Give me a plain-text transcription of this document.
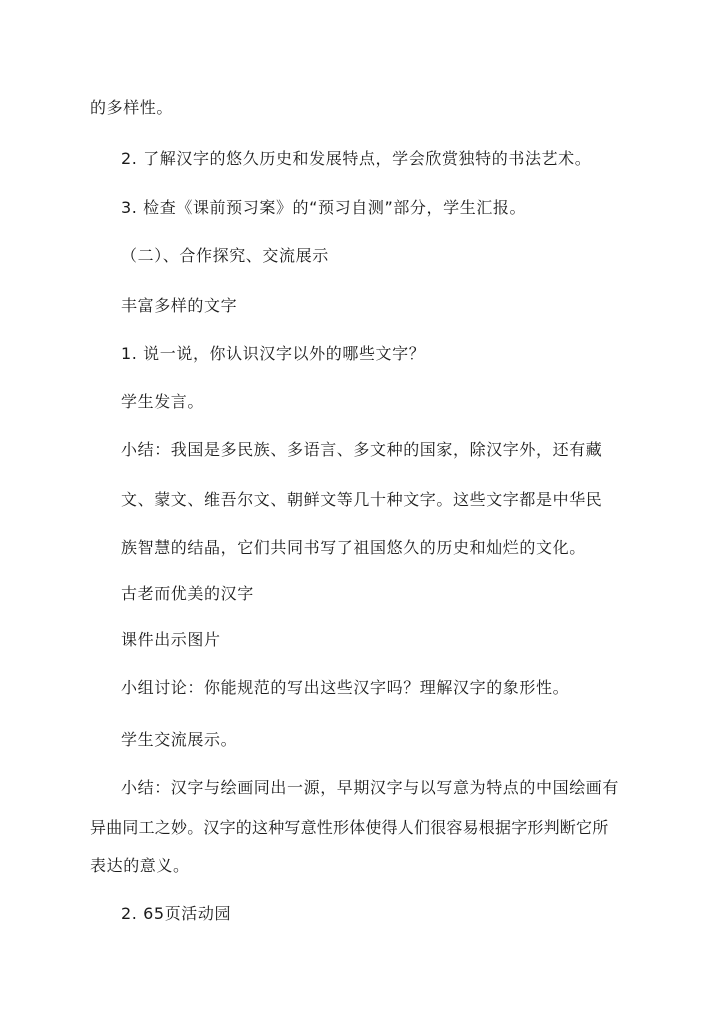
的多样性。
2. 了解汉字的悠久历史和发展特点，学会欣赏独特的书法艺术。
3. 检查《课前预习案》的“预习自测”部分，学生汇报。
（二）、合作探究、交流展示
丰富多样的文字
1. 说一说，你认识汉字以外的哪些文字？
学生发言。
小结：我国是多民族、多语言、多文种的国家，除汉字外，还有藏
文、蒙文、维吾尔文、朝鲜文等几十种文字。这些文字都是中华民
族智慧的结晶，它们共同书写了祖国悠久的历史和灿烂的文化。
古老而优美的汉字
课件出示图片
小组讨论：你能规范的写出这些汉字吗？理解汉字的象形性。
学生交流展示。
小结：汉字与绘画同出一源，早期汉字与以写意为特点的中国绘画有
异曲同工之妙。汉字的这种写意性形体使得人们很容易根据字形判断它所
表达的意义。
2. 65页活动园
